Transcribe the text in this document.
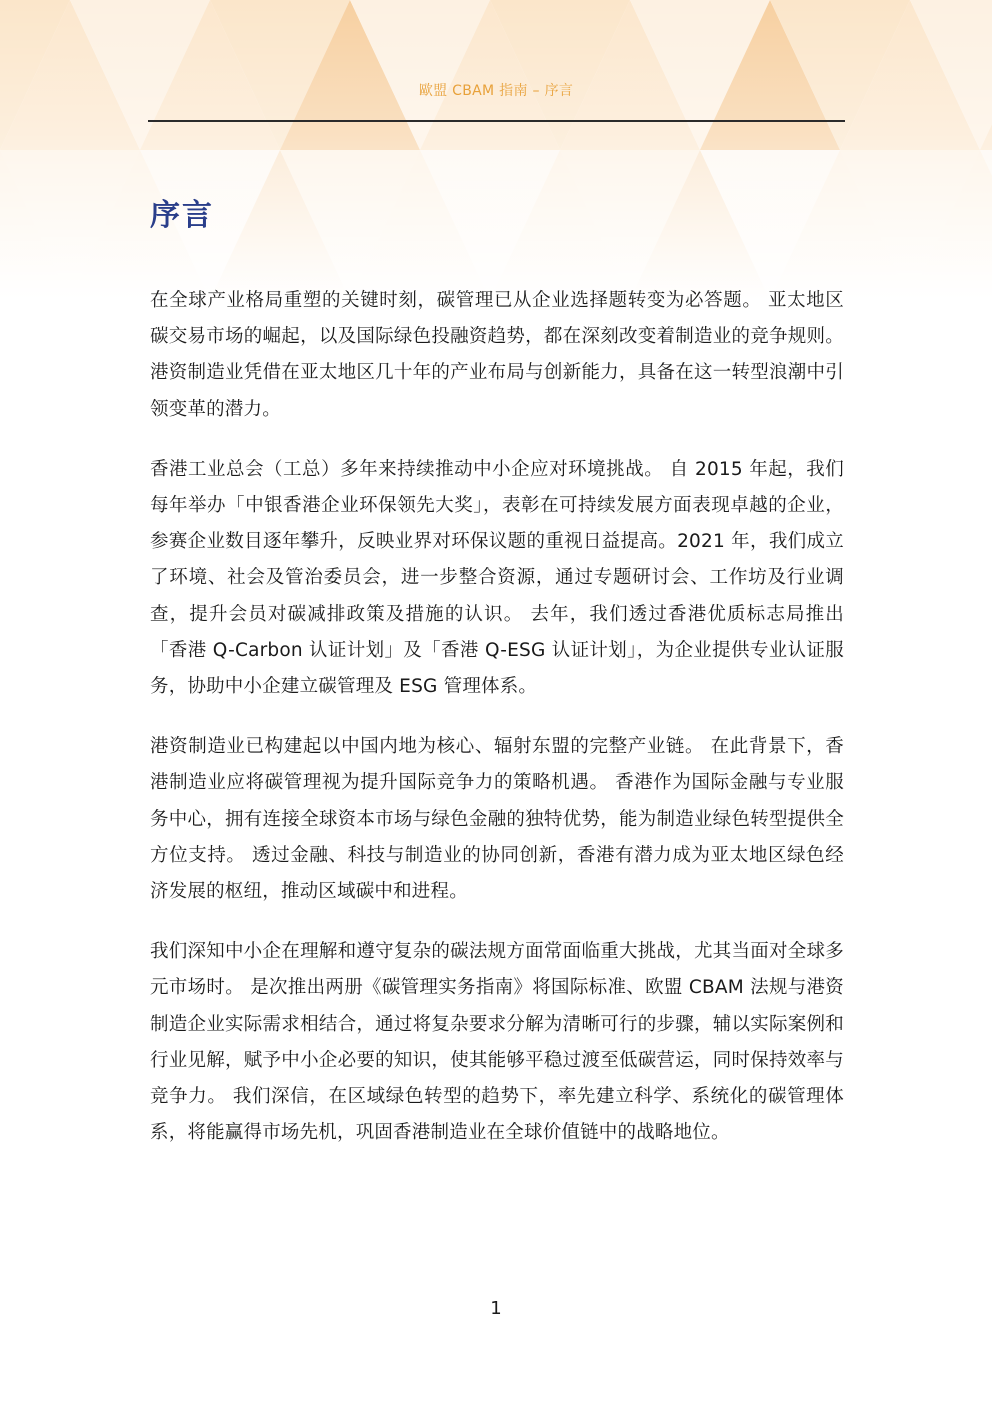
歐盟 CBAM 指南 – 序言
序言

在全球产业格局重塑的关键时刻，碳管理已从企业选择题转变为必答题。 亚太地区碳交易市场的崛起，以及国际绿色投融资趋势，都在深刻改变着制造业的竞争规则。 港资制造业凭借在亚太地区几十年的产业布局与创新能力，具备在这一转型浪潮中引领变革的潜力。

香港工业总会（工总）多年来持续推动中小企应对环境挑战。 自 2015 年起，我们每年举办「中银香港企业环保领先大奖」，表彰在可持续发展方面表现卓越的企业，参赛企业数目逐年攀升，反映业界对环保议题的重视日益提高。2021 年，我们成立了环境、社会及管治委员会，进一步整合资源，通过专题研讨会、工作坊及行业调查，提升会员对碳减排政策及措施的认识。 去年，我们透过香港优质标志局推出「香港 Q-Carbon 认证计划」及「香港 Q-ESG 认证计划」，为企业提供专业认证服务，协助中小企建立碳管理及 ESG 管理体系。

港资制造业已构建起以中国内地为核心、辐射东盟的完整产业链。 在此背景下，香港制造业应将碳管理视为提升国际竞争力的策略机遇。 香港作为国际金融与专业服务中心，拥有连接全球资本市场与绿色金融的独特优势，能为制造业绿色转型提供全方位支持。 透过金融、科技与制造业的协同创新，香港有潜力成为亚太地区绿色经济发展的枢纽，推动区域碳中和进程。

我们深知中小企在理解和遵守复杂的碳法规方面常面临重大挑战，尤其当面对全球多元市场时。 是次推出两册《碳管理实务指南》将国际标准、欧盟 CBAM 法规与港资制造企业实际需求相结合，通过将复杂要求分解为清晰可行的步骤，辅以实际案例和行业见解，赋予中小企必要的知识，使其能够平稳过渡至低碳营运，同时保持效率与竞争力。 我们深信，在区域绿色转型的趋势下，率先建立科学、系统化的碳管理体系，将能赢得市场先机，巩固香港制造业在全球价值链中的战略地位。

1
